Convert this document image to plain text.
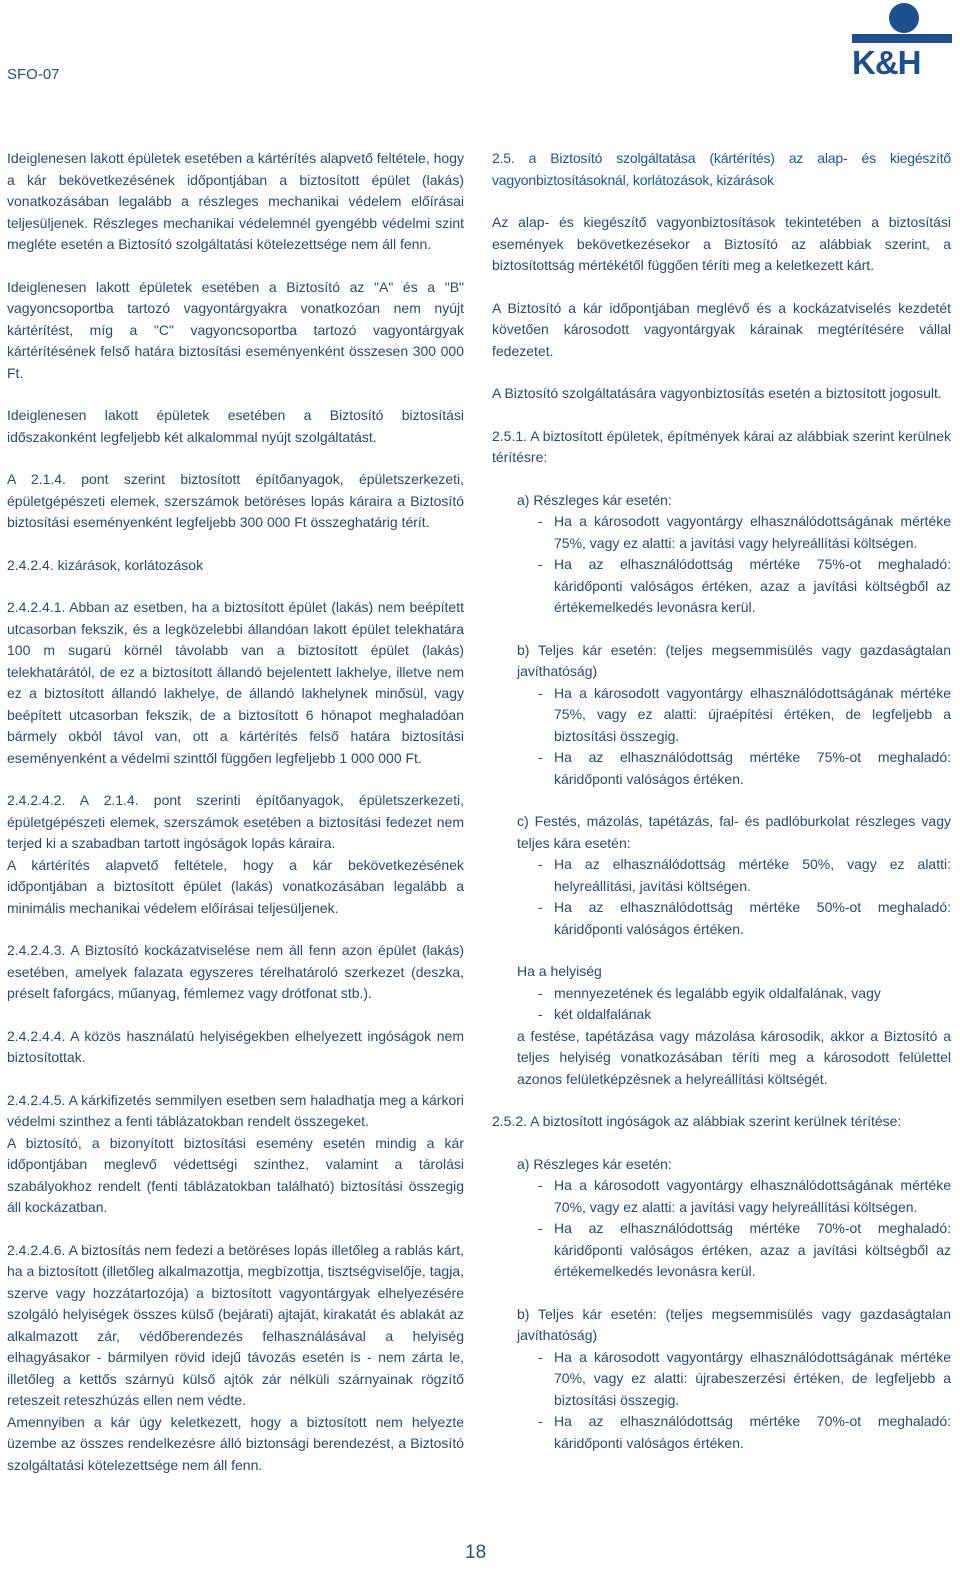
SFO-07	K&H

Ideiglenesen lakott épületek esetében a kártérítés alapvető feltétele, hogy a kár bekövetkezésének időpontjában a biztosított épület (lakás) vonatkozásában legalább a részleges mechanikai védelem előírásai teljesüljenek. Részleges mechanikai védelemnél gyengébb védelmi szint megléte esetén a Biztosító szolgáltatási kötelezettsége nem áll fenn.

Ideiglenesen lakott épületek esetében a Biztosító az "A" és a "B" vagyoncsoportba tartozó vagyontárgyakra vonatkozóan nem nyújt kártérítést, míg a "C" vagyoncsoportba tartozó vagyontárgyak kártérítésének felső határa biztosítási eseményenként összesen 300 000 Ft.

Ideiglenesen lakott épületek esetében a Biztosító biztosítási időszakonként legfeljebb két alkalommal nyújt szolgáltatást.

A 2.1.4. pont szerint biztosított építőanyagok, épületszerkezeti, épületgépészeti elemek, szerszámok betöréses lopás káraira a Biztosító biztosítási eseményenként legfeljebb 300 000 Ft összeghatárig térít.

2.4.2.4. kizárások, korlátozások

2.4.2.4.1. Abban az esetben, ha a biztosított épület (lakás) nem beépített utcasorban fekszik, és a legközelebbi állandóan lakott épület telekhatára 100 m sugarú körnél távolabb van a biztosított épület (lakás) telekhatárától, de ez a biztosított állandó bejelentett lakhelye, illetve nem ez a biztosított állandó lakhelye, de állandó lakhelynek minősül, vagy beépített utcasorban fekszik, de a biztosított 6 hónapot meghaladóan bármely okból távol van, ott a kártérítés felső határa biztosítási eseményenként a védelmi szinttől függően legfeljebb 1 000 000 Ft.

2.4.2.4.2. A 2.1.4. pont szerinti építőanyagok, épületszerkezeti, épületgépészeti elemek, szerszámok esetében a biztosítási fedezet nem terjed ki a szabadban tartott ingóságok lopás káraira.

A kártérítés alapvető feltétele, hogy a kár bekövetkezésének időpontjában a biztosított épület (lakás) vonatkozásában legalább a minimális mechanikai védelem előírásai teljesüljenek.

2.4.2.4.3. A Biztosító kockázatviselése nem áll fenn azon épület (lakás) esetében, amelyek falazata egyszeres térelhatároló szerkezet (deszka, préselt faforgács, műanyag, fémlemez vagy drótfonat stb.).

2.4.2.4.4. A közös használatú helyiségekben elhelyezett ingóságok nem biztosítottak.

2.4.2.4.5. A kárkifizetés semmilyen esetben sem haladhatja meg a kárkori védelmi szinthez a fenti táblázatokban rendelt összegeket.

A biztosító, a bizonyított biztosítási esemény esetén mindig a kár időpontjában meglevő védettségi szinthez, valamint a tárolási szabályokhoz rendelt (fenti táblázatokban található) biztosítási összegig áll kockázatban.

2.4.2.4.6. A biztosítás nem fedezi a betöréses lopás illetőleg a rablás kárt, ha a biztosított (illetőleg alkalmazottja, megbízottja, tisztségviselője, tagja, szerve vagy hozzátartozója) a biztosított vagyontárgyak elhelyezésére szolgáló helyiségek összes külső (bejárati) ajtaját, kirakatát és ablakát az alkalmazott zár, védőberendezés felhasználásával a helyiség elhagyásakor - bármilyen rövid idejű távozás esetén is - nem zárta le, illetőleg a kettős szárnyú külső ajtók zár nélküli szárnyainak rögzítő reteszeit reteszhúzás ellen nem védte.

Amennyiben a kár úgy keletkezett, hogy a biztosított nem helyezte üzembe az összes rendelkezésre álló biztonsági berendezést, a Biztosító szolgáltatási kötelezettsége nem áll fenn.

2.5. a Biztosító szolgáltatása (kártérítés) az alap- és kiegészítő vagyonbiztosításoknál, korlátozások, kizárások

Az alap- és kiegészítő vagyonbiztosítások tekintetében a biztosítási események bekövetkezésekor a Biztosító az alábbiak szerint, a biztosítottság mértékétől függően téríti meg a keletkezett kárt.

A Biztosító a kár időpontjában meglévő és a kockázatviselés kezdetét követően károsodott vagyontárgyak kárainak megtérítésére vállal fedezetet.

A Biztosító szolgáltatására vagyonbiztosítás esetén a biztosított jogosult.

2.5.1. A biztosított épületek, építmények kárai az alábbiak szerint kerülnek térítésre:

a) Részleges kár esetén:

- Ha a károsodott vagyontárgy elhasználódottságának mértéke 75%, vagy ez alatti: a javítási vagy helyreállítási költségen.

- Ha az elhasználódottság mértéke 75%-ot meghaladó: káridőponti valóságos értéken, azaz a javítási költségből az értékemelkedés levonásra kerül.

b) Teljes kár esetén: (teljes megsemmisülés vagy gazdaságtalan javíthatóság)

- Ha a károsodott vagyontárgy elhasználódottságának mértéke 75%, vagy ez alatti: újraépítési értéken, de legfeljebb a biztosítási összegig.

- Ha az elhasználódottság mértéke 75%-ot meghaladó: káridőponti valóságos értéken.

c) Festés, mázolás, tapétázás, fal- és padlóburkolat részleges vagy teljes kára esetén:

- Ha az elhasználódottság mértéke 50%, vagy ez alatti: helyreállítási, javítási költségen.

- Ha az elhasználódottság mértéke 50%-ot meghaladó: káridőponti valóságos értéken.

Ha a helyiség

- mennyezetének és legalább egyik oldalfalának, vagy

- két oldalfalának

a festése, tapétázása vagy mázolása károsodik, akkor a Biztosító a teljes helyiség vonatkozásában téríti meg a károsodott felülettel azonos felületképzésnek a helyreállítási költségét.

2.5.2. A biztosított ingóságok az alábbiak szerint kerülnek térítése:

a) Részleges kár esetén:

- Ha a károsodott vagyontárgy elhasználódottságának mértéke 70%, vagy ez alatti: a javítási vagy helyreállítási költségen.

- Ha az elhasználódottság mértéke 70%-ot meghaladó: káridőponti valóságos értéken, azaz a javítási költségből az értékemelkedés levonásra kerül.

b) Teljes kár esetén: (teljes megsemmisülés vagy gazdaságtalan javíthatóság)

- Ha a károsodott vagyontárgy elhasználódottságának mértéke 70%, vagy ez alatti: újrabeszerzési értéken, de legfeljebb a biztosítási összegig.

- Ha az elhasználódottság mértéke 70%-ot meghaladó: káridőponti valóságos értéken.

18
